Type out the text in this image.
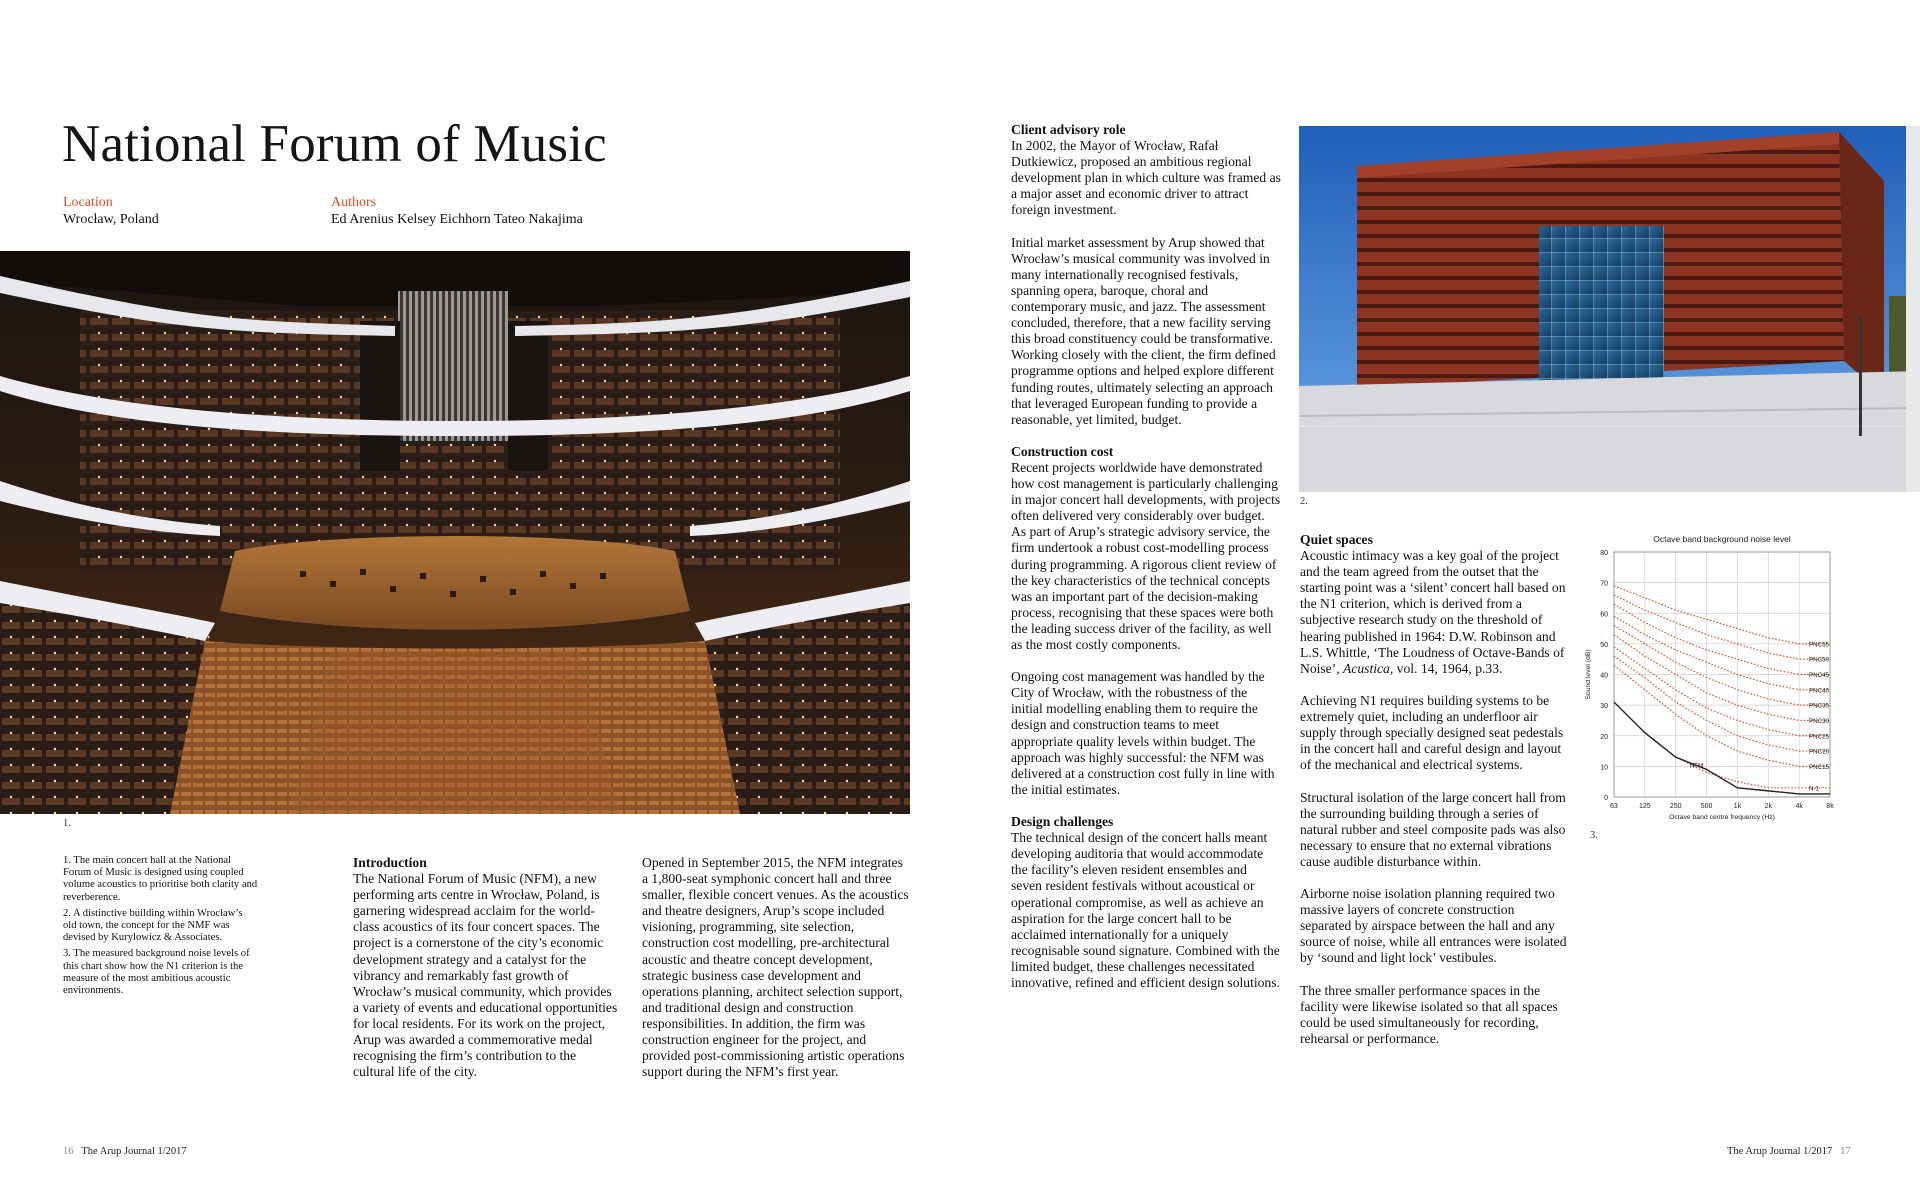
National Forum of Music
Location
Wrocław, Poland
Authors
Ed Arenius Kelsey Eichhorn Tateo Nakajima
1.

1. The main concert hall at the National Forum of Music is designed using coupled volume acoustics to prioritise both clarity and reverberence.

2. A distinctive building within Wrocław’s old town, the concept for the NMF was devised by Kurylowicz & Associates.

3. The measured background noise levels of this chart show how the N1 criterion is the measure of the most ambitious acoustic environments.

Introduction

The National Forum of Music (NFM), a new performing arts centre in Wrocław, Poland, is garnering widespread acclaim for the world-class acoustics of its four concert spaces. The project is a cornerstone of the city’s economic development strategy and a catalyst for the vibrancy and remarkably fast growth of Wrocław’s musical community, which provides a variety of events and educational opportunities for local residents. For its work on the project, Arup was awarded a commemorative medal recognising the firm’s contribution to the cultural life of the city.

Opened in September 2015, the NFM integrates a 1,800-seat symphonic concert hall and three smaller, flexible concert venues. As the acoustics and theatre designers, Arup’s scope included visioning, programming, site selection, construction cost modelling, pre-architectural acoustic and theatre concept development, strategic business case development and operations planning, architect selection support, and traditional design and construction responsibilities. In addition, the firm was construction engineer for the project, and provided post-commissioning artistic operations support during the NFM’s first year.

Client advisory role

In 2002, the Mayor of Wrocław, Rafał Dutkiewicz, proposed an ambitious regional development plan in which culture was framed as a major asset and economic driver to attract foreign investment.

Initial market assessment by Arup showed that Wrocław’s musical community was involved in many internationally recognised festivals, spanning opera, baroque, choral and contemporary music, and jazz. The assessment concluded, therefore, that a new facility serving this broad constituency could be transformative. Working closely with the client, the firm defined programme options and helped explore different funding routes, ultimately selecting an approach that leveraged European funding to provide a reasonable, yet limited, budget.

Construction cost

Recent projects worldwide have demonstrated how cost management is particularly challenging in major concert hall developments, with projects often delivered very considerably over budget. As part of Arup’s strategic advisory service, the firm undertook a robust cost-modelling process during programming. A rigorous client review of the key characteristics of the technical concepts was an important part of the decision-making process, recognising that these spaces were both the leading success driver of the facility, as well as the most costly components.

Ongoing cost management was handled by the City of Wrocław, with the robustness of the initial modelling enabling them to require the design and construction teams to meet appropriate quality levels within budget. The approach was highly successful: the NFM was delivered at a construction cost fully in line with the initial estimates.

Design challenges

The technical design of the concert halls meant developing auditoria that would accommodate the facility’s eleven resident ensembles and seven resident festivals without acoustical or operational compromise, as well as achieve an aspiration for the large concert hall to be acclaimed internationally for a uniquely recognisable sound signature. Combined with the limited budget, these challenges necessitated innovative, refined and efficient design solutions.

2.
Quiet spaces

Acoustic intimacy was a key goal of the project and the team agreed from the outset that the starting point was a ‘silent’ concert hall based on the N1 criterion, which is derived from a subjective research study on the threshold of hearing published in 1964: D.W. Robinson and L.S. Whittle, ‘The Loudness of Octave-Bands of Noise’, Acustica, vol. 14, 1964, p.33.

Achieving N1 requires building systems to be extremely quiet, including an underfloor air supply through specially designed seat pedestals in the concert hall and careful design and layout of the mechanical and electrical systems.

Structural isolation of the large concert hall from the surrounding building through a series of natural rubber and steel composite pads was also necessary to ensure that no external vibrations cause audible disturbance within.

Airborne noise isolation planning required two massive layers of concrete construction separated by airspace between the hall and any source of noise, while all entrances were isolated by ‘sound and light lock’ vestibules.

The three smaller performance spaces in the facility were likewise isolated so that all spaces could be used simultaneously for recording, rehearsal or performance.

Octave band background noise level
0
10
20
30
40
50
60
70
80
63	125	250	500	1k	2k	4k	8k
Octave band centre frequency (Hz)
Sound level (dB)
PNC55
PNC50
PNC45
PNC40
PNC35
PNC30
PNC25
PNC20
PNC15
N-1
NFM
3.
16 The Arup Journal 1/2017	The Arup Journal 1/2017 17
